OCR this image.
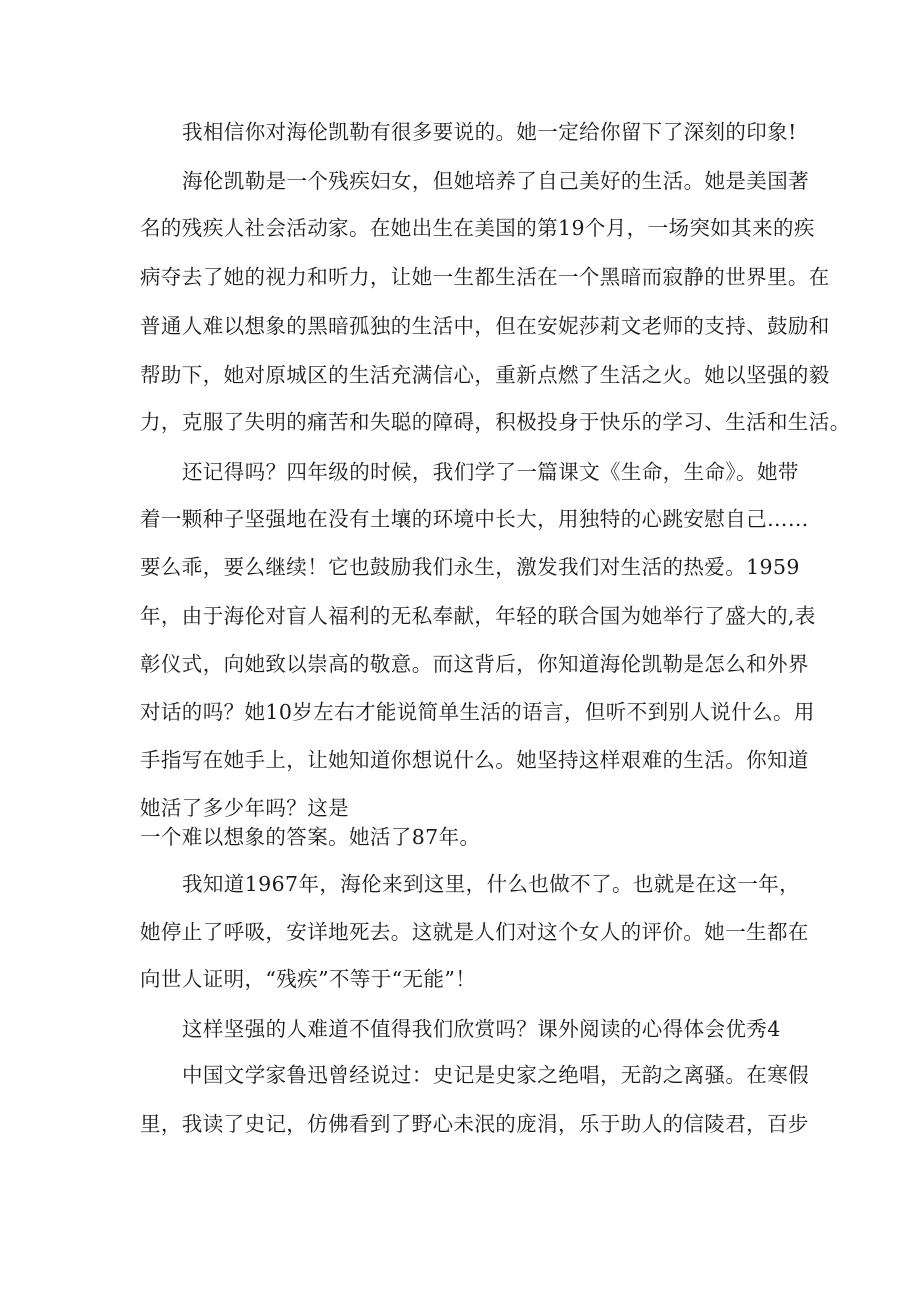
我相信你对海伦凯勒有很多要说的。她一定给你留下了深刻的印象!
海伦凯勒是一个残疾妇女，但她培养了自己美好的生活。她是美国著
名的残疾人社会活动家。在她出生在美国的第19个月，一场突如其来的疾
病夺去了她的视力和听力，让她一生都生活在一个黑暗而寂静的世界里。在
普通人难以想象的黑暗孤独的生活中，但在安妮莎莉文老师的支持、鼓励和
帮助下，她对原城区的生活充满信心，重新点燃了生活之火。她以坚强的毅
力，克服了失明的痛苦和失聪的障碍，积极投身于快乐的学习、生活和生活。
还记得吗？四年级的时候，我们学了一篇课文《生命，生命》。她带
着一颗种子坚强地在没有土壤的环境中长大，用独特的心跳安慰自己……
要么乖，要么继续！它也鼓励我们永生，激发我们对生活的热爱。1959
年，由于海伦对盲人福利的无私奉献，年轻的联合国为她举行了盛大的,表
彰仪式，向她致以崇高的敬意。而这背后，你知道海伦凯勒是怎么和外界
对话的吗？她10岁左右才能说简单生活的语言，但听不到别人说什么。用
手指写在她手上，让她知道你想说什么。她坚持这样艰难的生活。你知道
她活了多少年吗？这是
一个难以想象的答案。她活了87年。
我知道1967年，海伦来到这里，什么也做不了。也就是在这一年，
她停止了呼吸，安详地死去。这就是人们对这个女人的评价。她一生都在
向世人证明，“残疾”不等于“无能”！
这样坚强的人难道不值得我们欣赏吗？课外阅读的心得体会优秀4
中国文学家鲁迅曾经说过：史记是史家之绝唱，无韵之离骚。在寒假
里，我读了史记，仿佛看到了野心未泯的庞涓，乐于助人的信陵君，百步
